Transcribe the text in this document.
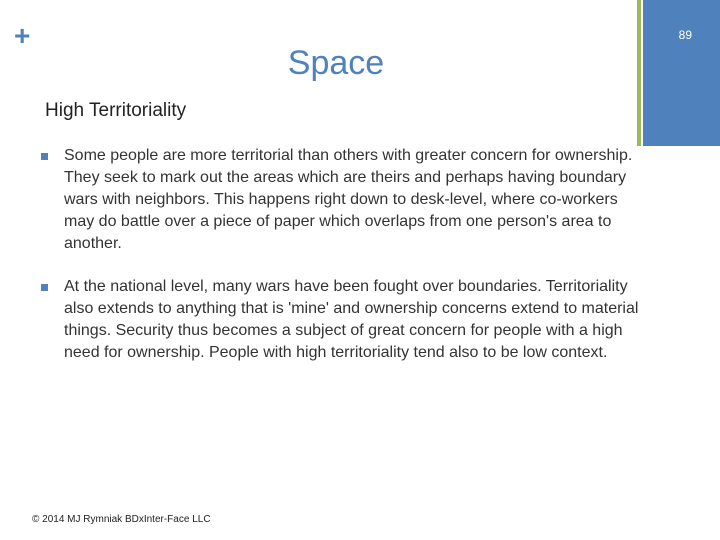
+	89
Space
High Territoriality
Some people are more territorial than others with greater concern for ownership. They seek to mark out the areas which are theirs and perhaps having boundary wars with neighbors. This happens right down to desk-level, where co-workers may do battle over a piece of paper which overlaps from one person's area to another.
At the national level, many wars have been fought over boundaries. Territoriality also extends to anything that is 'mine' and ownership concerns extend to material things. Security thus becomes a subject of great concern for people with a high need for ownership. People with high territoriality tend also to be low context.
© 2014 MJ Rymniak BDxInter-Face LLC
